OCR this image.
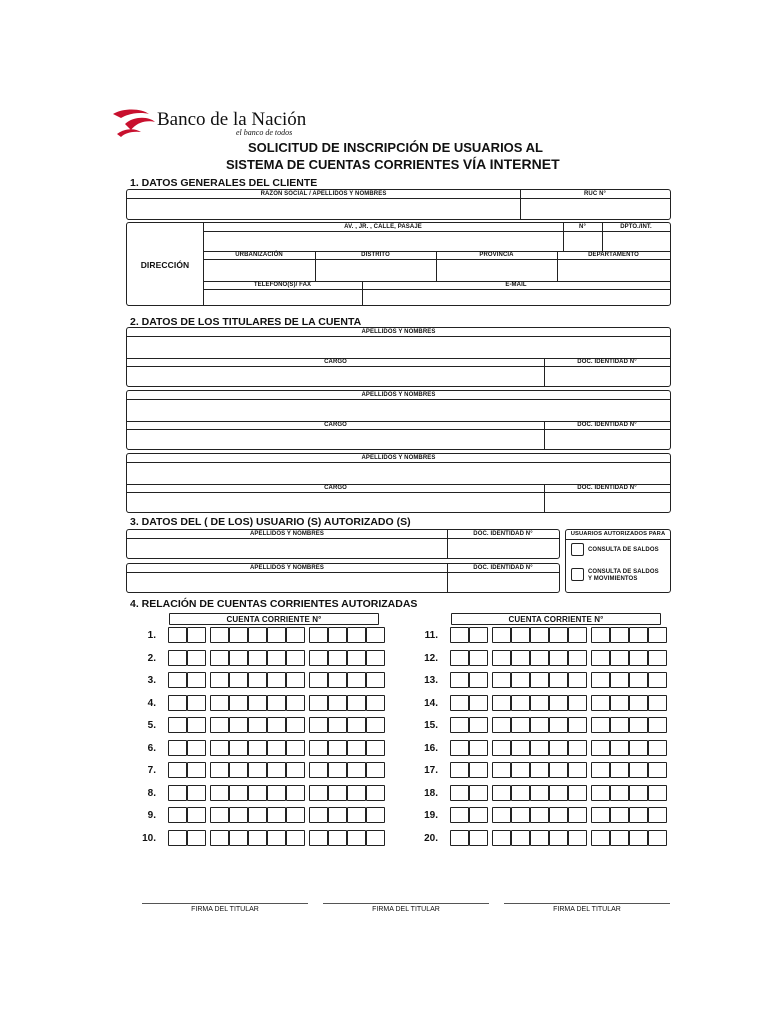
Banco de la Nación
el banco de todos
SOLICITUD DE INSCRIPCIÓN DE USUARIOS AL
SISTEMA DE CUENTAS CORRIENTES VÍA INTERNET
1. DATOS GENERALES DEL CLIENTE
RAZÓN SOCIAL / APELLIDOS Y NOMBRES	RUC N°
DIRECCIÓN
AV. , JR. , CALLE, PASAJE	N°	DPTO./INT.
URBANIZACIÓN	DISTRITO	PROVINCIA	DEPARTAMENTO
TELEFONO(S)/ FAX	E-MAIL
2. DATOS DE LOS TITULARES DE LA CUENTA
APELLIDOS Y NOMBRES
CARGO	DOC. IDENTIDAD N°
APELLIDOS Y NOMBRES
CARGO	DOC. IDENTIDAD N°
APELLIDOS Y NOMBRES
CARGO	DOC. IDENTIDAD N°
3. DATOS DEL ( DE LOS) USUARIO (S) AUTORIZADO (S)
APELLIDOS Y NOMBRES	DOC. IDENTIDAD N°
APELLIDOS Y NOMBRES	DOC. IDENTIDAD N°
USUARIOS AUTORIZADOS PARA
CONSULTA DE SALDOS
CONSULTA DE SALDOS
Y MOVIMIENTOS
4. RELACIÓN DE CUENTAS CORRIENTES AUTORIZADAS
CUENTA CORRIENTE N°	CUENTA CORRIENTE N°
FIRMA DEL TITULAR	FIRMA DEL TITULAR	FIRMA DEL TITULAR
1.
2.
3.
4.
5.
6.
7.
8.
9.
10.
11.
12.
13.
14.
15.
16.
17.
18.
19.
20.
